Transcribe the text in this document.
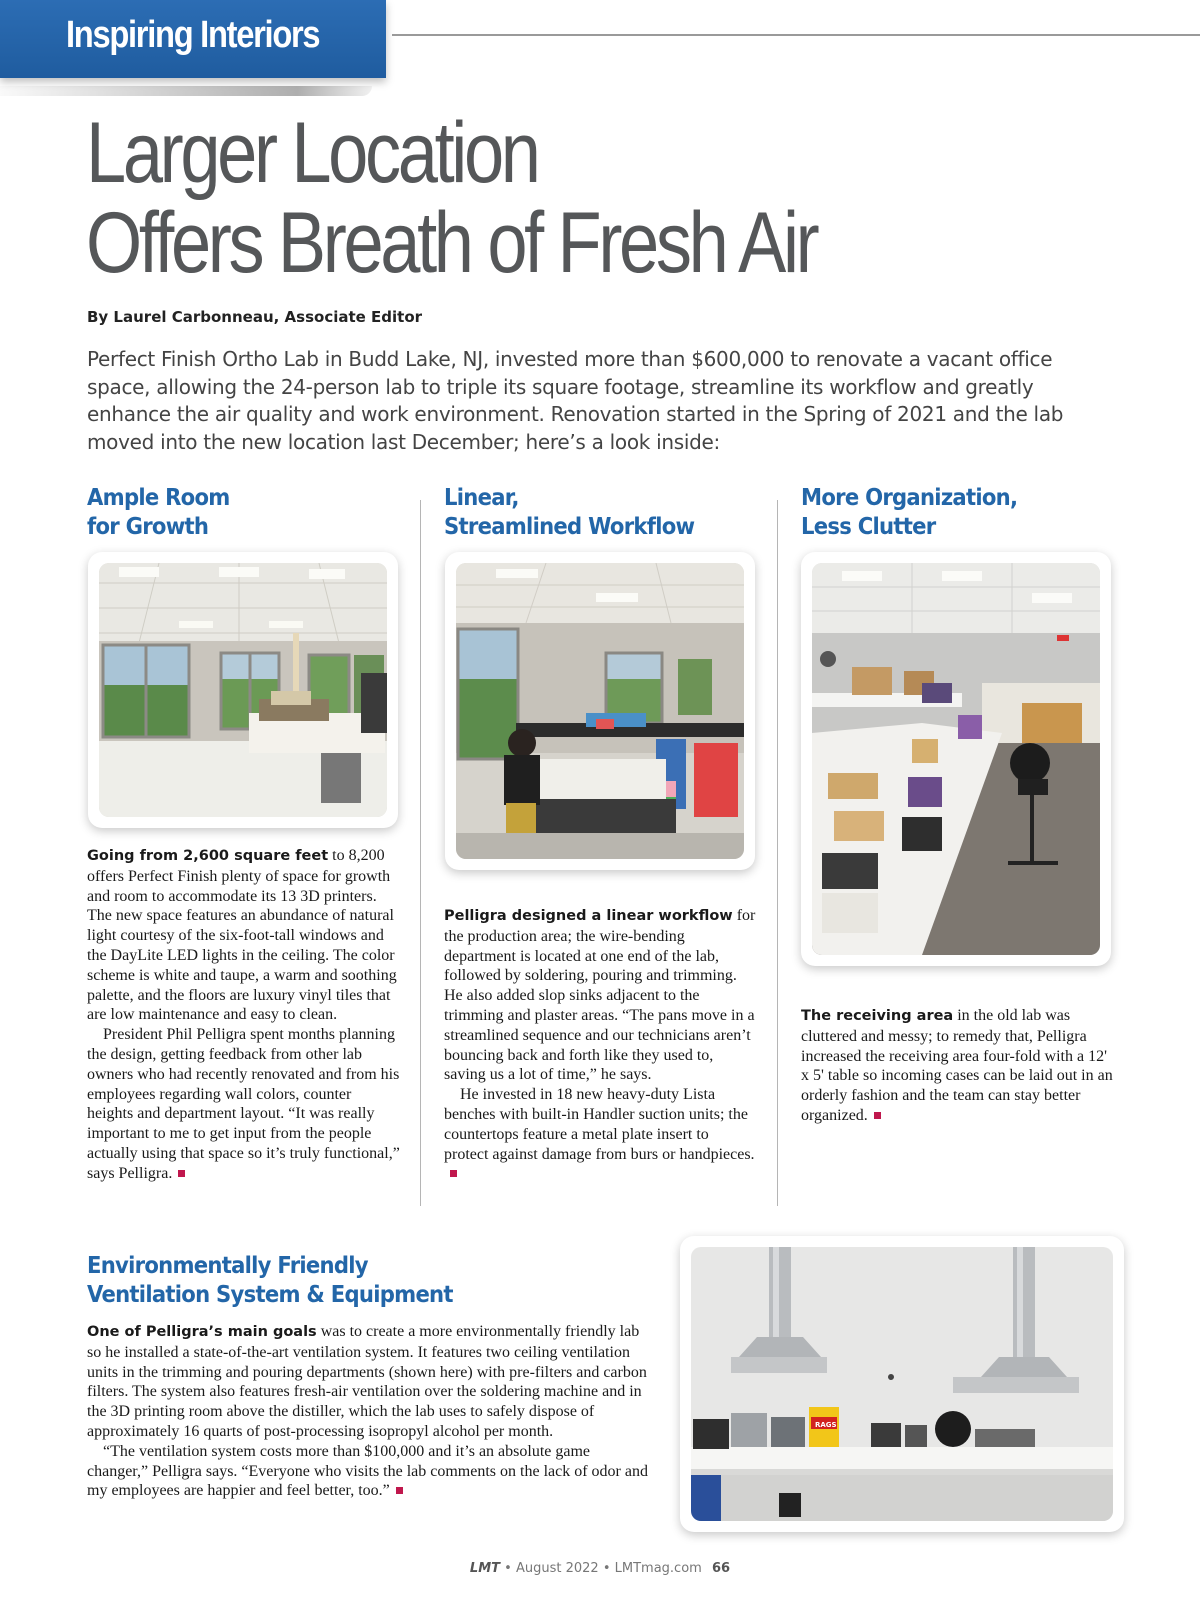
Inspiring Interiors
Larger Location
Offers Breath of Fresh Air
By Laurel Carbonneau, Associate Editor

Perfect Finish Ortho Lab in Budd Lake, NJ, invested more than $600,000 to renovate a vacant office space, allowing the 24-person lab to triple its square footage, streamline its workflow and greatly enhance the air quality and work environment. Renovation started in the Spring of 2021 and the lab moved into the new location last December; here’s a look inside:

Ample Room
for Growth
Linear,
Streamlined Workflow
More Organization,
Less Clutter

Going from 2,600 square feet to 8,200 offers Perfect Finish plenty of space for growth and room to accommodate its 13 3D printers. The new space features an abundance of natural light courtesy of the six-foot-tall windows and the DayLite LED lights in the ceiling. The color scheme is white and taupe, a warm and soothing palette, and the floors are luxury vinyl tiles that are low maintenance and easy to clean.

President Phil Pelligra spent months planning the design, getting feedback from other lab owners who had recently renovated and from his employees regarding wall colors, counter heights and department layout. “It was really important to me to get input from the people actually using that space so it’s truly functional,” says Pelligra.

Pelligra designed a linear workflow for the production area; the wire-bending department is located at one end of the lab, followed by soldering, pouring and trimming. He also added slop sinks adjacent to the trimming and plaster areas. “The pans move in a streamlined sequence and our technicians aren’t bouncing back and forth like they used to, saving us a lot of time,” he says.

He invested in 18 new heavy-duty Lista benches with built-in Handler suction units; the countertops feature a metal plate insert to protect against damage from burs or handpieces.

The receiving area in the old lab was cluttered and messy; to remedy that, Pelligra increased the receiving area four-fold with a 12' x 5' table so incoming cases can be laid out in an orderly fashion and the team can stay better organized.

Environmentally Friendly
Ventilation System & Equipment

One of Pelligra’s main goals was to create a more environmentally friendly lab so he installed a state-of-the-art ventilation system. It features two ceiling ventilation units in the trimming and pouring departments (shown here) with pre-filters and carbon filters. The system also features fresh-air ventilation over the soldering machine and in the 3D printing room above the distiller, which the lab uses to safely dispose of approximately 16 quarts of post-processing isopropyl alcohol per month.

“The ventilation system costs more than $100,000 and it’s an absolute game changer,” Pelligra says. “Everyone who visits the lab comments on the lack of odor and my employees are happier and feel better, too.”

RAGS
LMT • August 2022 • LMTmag.com 66
